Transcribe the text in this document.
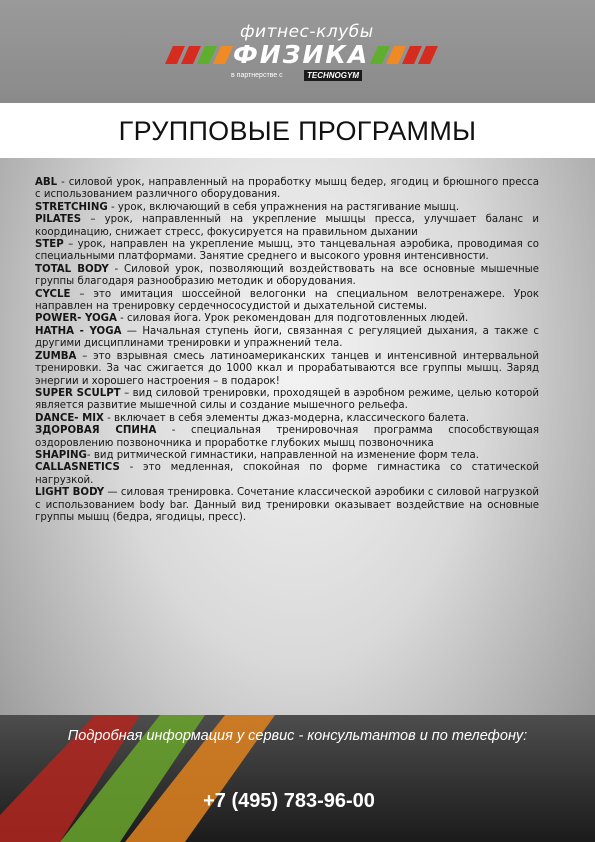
фитнес-клубы
ФИЗИКА
в партнерстве с	TECHNOGYM
ГРУППОВЫЕ ПРОГРАММЫ

ABL - силовой урок, направленный на проработку мышц бедер, ягодиц и брюшного пресса с использованием различного оборудования.

STRETCHING - урок, включающий в себя упражнения на растягивание мышц.

PILATES – урок, направленный на укрепление мышцы пресса, улучшает баланс и координацию, снижает стресс, фокусируется на правильном дыхании

STEP – урок, направлен на укрепление мышц, это танцевальная аэробика, проводимая со специальными платформами. Занятие среднего и высокого уровня интенсивности.

TOTAL BODY - Силовой урок, позволяющий воздействовать на все основные мышечные группы благодаря разнообразию методик и оборудования.

CYCLE – это имитация шоссейной велогонки на специальном велотренажере. Урок направлен на тренировку сердечнососудистой и дыхательной системы.

POWER- YOGA - силовая йога. Урок рекомендован для подготовленных людей.

HATHA - YOGA — Начальная ступень йоги, связанная с регуляцией дыхания, а также с другими дисциплинами тренировки и упражнений тела.

ZUMBA – это взрывная смесь латиноамериканских танцев и интенсивной интервальной тренировки. За час сжигается до 1000 ккал и прорабатываются все группы мышц. Заряд энергии и хорошего настроения – в подарок!

SUPER SCULPT – вид силовой тренировки, проходящей в аэробном режиме, целью которой является развитие мышечной силы и создание мышечного рельефа.

DANCE- MIX - включает в себя элементы джаз-модерна, классического балета.

ЗДОРОВАЯ СПИНА - специальная тренировочная программа способствующая оздоровлению позвоночника и проработке глубоких мышц позвоночника

SHAPING- вид ритмической гимнастики, направленной на изменение форм тела.

CALLASNETICS - это медленная, спокойная по форме гимнастика со статической нагрузкой.

LIGHT BODY — силовая тренировка. Сочетание классической аэробики с силовой нагрузкой с использованием body bar. Данный вид тренировки оказывает воздействие на основные группы мышц (бедра, ягодицы, пресс).

Подробная информация у сервис - консультантов и по телефону:
+7 (495) 783-96-00
